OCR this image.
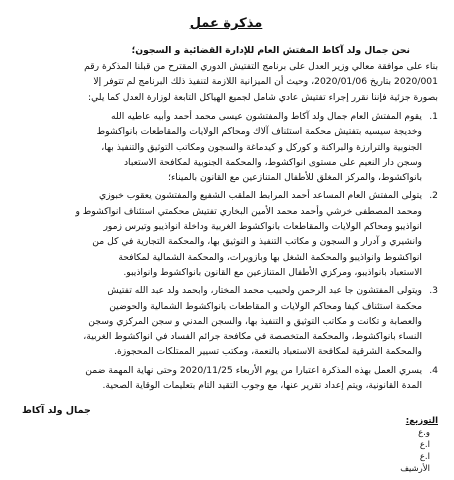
مذكرة عمل

نحن جمال ولد آكاط المفتش العام للإدارة القضائية و السجون؛

بناء على موافقة معالي وزير العدل على برنامج التفتيش الدوري المقترح من قبلنا المذكرة رقم

2020/001 بتاريخ 2020/01/06، وحيث أن الميزانية اللازمة لتنفيذ ذلك البرنامج لم تتوفر إلا

بصورة جزئية فإننا نقرر إجراء تفتيش عادي شامل لجميع الهياكل التابعة لوزارة العدل كما يلي:

1.
يقوم المفتش العام جمال ولد آكاط والمفتشون عيسى محمد أحمد وأبيه عاطيه الله
وخديجة سيسيه بتفتيش محكمة استئناف آلاك ومحاكم الولايات والمقاطعات بانواكشوط
الجنوبية والترارزة والبراكنة و كوركل و كيدماغة والسجون ومكاتب التوثيق والتنفيذ بها،
وسجن دار النعيم على مستوى انواكشوط، والمحكمة الجنوبية لمكافحة الاستعباد
بانواكشوط، والمركز المغلق للأطفال المتنازعين مع القانون بالميناء؛
2.
يتولى المفتش العام المساعد أحمد المرابط الملقب الشفيع والمفتشون يعقوب خبوزي
ومحمد المصطفى خرشي وأحمد محمد الأمين البخاري تفتيش محكمتي استئناف انواكشوط و
انواذيبو ومحاكم الولايات والمقاطعات بانواكشوط الغربية وداخلة انواذيبو وتيرس زمور
وانشيري و آدرار و السجون و مكاتب التنفيذ و التوثيق بها، والمحكمة التجارية في كل من
انواكشوط وانواذيبو والمحكمة الشغل بها وبازويرات، والمحكمة الشمالية لمكافحة
الاستعباد بانواذيبو، ومركزي الأطفال المتنازعين مع القانون بانواكشوط وانواذيبو.
3.
ويتولى المفتشون جا عبد الرحمن ولحبيب محمد المختار، وابحمد ولد عبد الله تفتيش
محكمة استئناف كيفا ومحاكم الولايات و المقاطعات بانواكشوط الشمالية والحوضين
والعصابة و تكانت و مكاتب التوثيق و التنفيذ بها، والسجن المدني و سجن المركزي وسجن
النساء بانواكشوط، والمحكمة المتخصصة في مكافحة جرائم الفساد في انواكشوط الغربية،
والمحكمة الشرقية لمكافحة الاستعباد بالنعمة، ومكتب تسيير الممتلكات المحجوزة.
4.
يسري العمل بهذه المذكرة اعتبارا من يوم الأربعاء 2020/11/25 وحتى نهاية المهمة ضمن
المدة القانونية، ويتم إعداد تقرير عنها، مع وجوب التقيد التام بتعليمات الوقاية الصحية.
جمال ولد آكاط
التوزيع:
و.ع
ا.ع
ا.ع
الأرشيف
